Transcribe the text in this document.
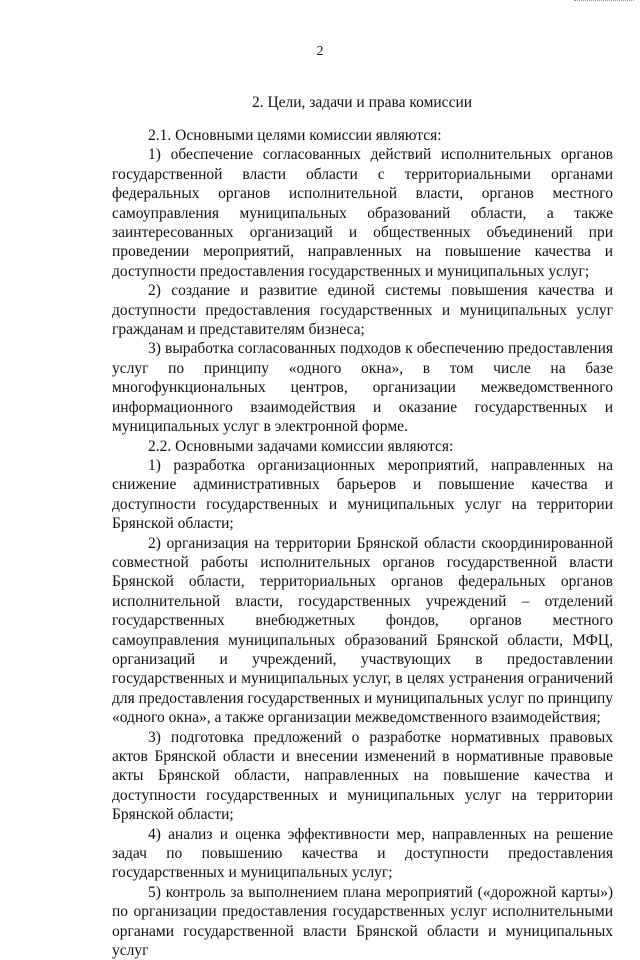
2
2. Цели, задачи и права комиссии

2.1. Основными целями комиссии являются:

1) обеспечение согласованных действий исполнительных органов государственной власти области с территориальными органами федеральных органов исполнительной власти, органов местного самоуправления муниципальных образований области, а также заинтересованных организаций и общественных объединений при проведении мероприятий, направленных на повышение качества и доступности предоставления государственных и муниципальных услуг;

2) создание и развитие единой системы повышения качества и доступности предоставления государственных и муниципальных услуг гражданам и представителям бизнеса;

3) выработка согласованных подходов к обеспечению предоставления услуг по принципу «одного окна», в том числе на базе многофункциональных центров, организации межведомственного информационного взаимодействия и оказание государственных и муниципальных услуг в электронной форме.

2.2. Основными задачами комиссии являются:

1) разработка организационных мероприятий, направленных на снижение административных барьеров и повышение качества и доступности государственных и муниципальных услуг на территории Брянской области;

2) организация на территории Брянской области скоординированной совместной работы исполнительных органов государственной власти Брянской области, территориальных органов федеральных органов исполнительной власти, государственных учреждений – отделений государственных внебюджетных фондов, органов местного самоуправления муниципальных образований Брянской области, МФЦ, организаций и учреждений, участвующих в предоставлении государственных и муниципальных услуг, в целях устранения ограничений для предоставления государственных и муниципальных услуг по принципу «одного окна», а также организации межведомственного взаимодействия;

3) подготовка предложений о разработке нормативных правовых актов Брянской области и внесении изменений в нормативные правовые акты Брянской области, направленных на повышение качества и доступности государственных и муниципальных услуг на территории Брянской области;

4) анализ и оценка эффективности мер, направленных на решение задач по повышению качества и доступности предоставления государственных и муниципальных услуг;

5) контроль за выполнением плана мероприятий («дорожной карты») по организации предоставления государственных услуг исполнительными органами государственной власти Брянской области и муниципальных услуг
